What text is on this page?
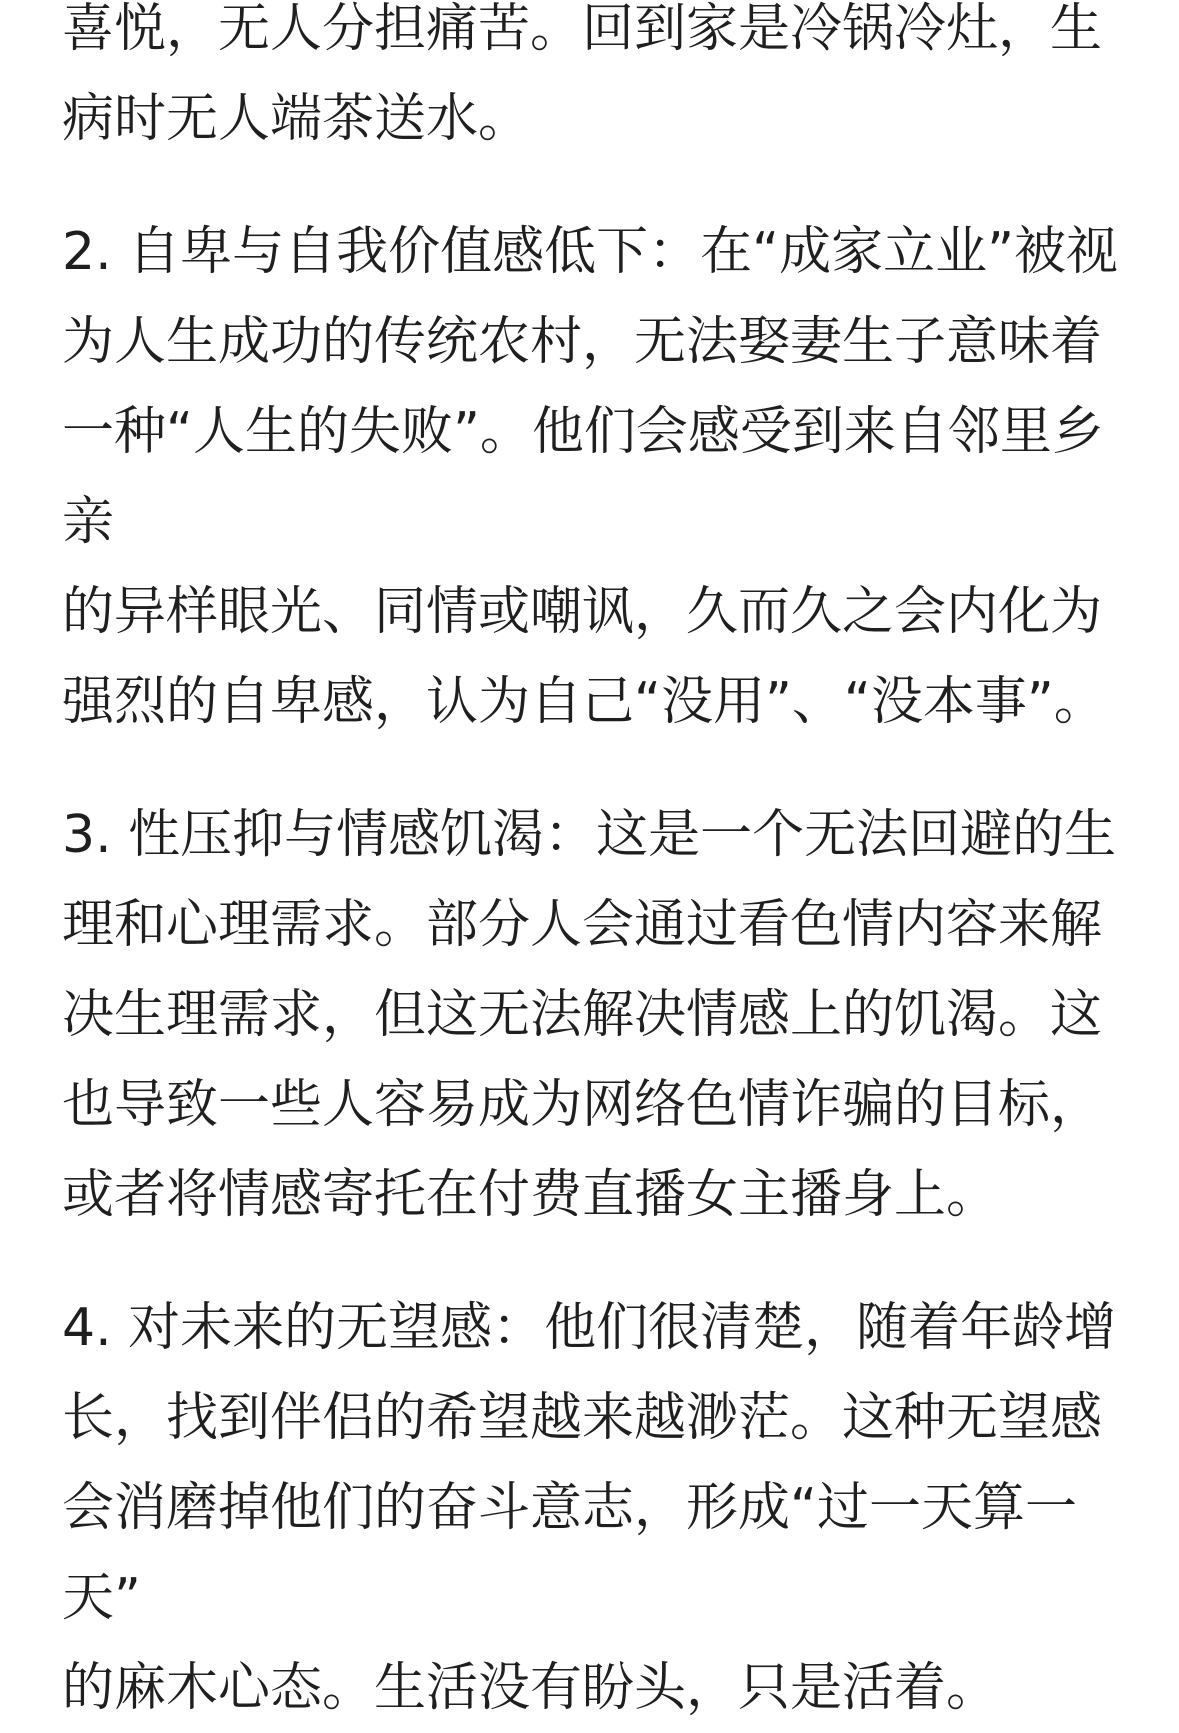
喜悦，无人分担痛苦。回到家是冷锅冷灶，生
病时无人端茶送水。

2. 自卑与自我价值感低下：在“成家立业”被视
为人生成功的传统农村，无法娶妻生子意味着
一种“人生的失败”。他们会感受到来自邻里乡亲
的异样眼光、同情或嘲讽，久而久之会内化为
强烈的自卑感，认为自己“没用”、“没本事”。

3. 性压抑与情感饥渴：这是一个无法回避的生
理和心理需求。部分人会通过看色情内容来解
决生理需求，但这无法解决情感上的饥渴。这
也导致一些人容易成为网络色情诈骗的目标，
或者将情感寄托在付费直播女主播身上。

4. 对未来的无望感：他们很清楚，随着年龄增
长，找到伴侣的希望越来越渺茫。这种无望感
会消磨掉他们的奋斗意志，形成“过一天算一天”
的麻木心态。生活没有盼头，只是活着。
